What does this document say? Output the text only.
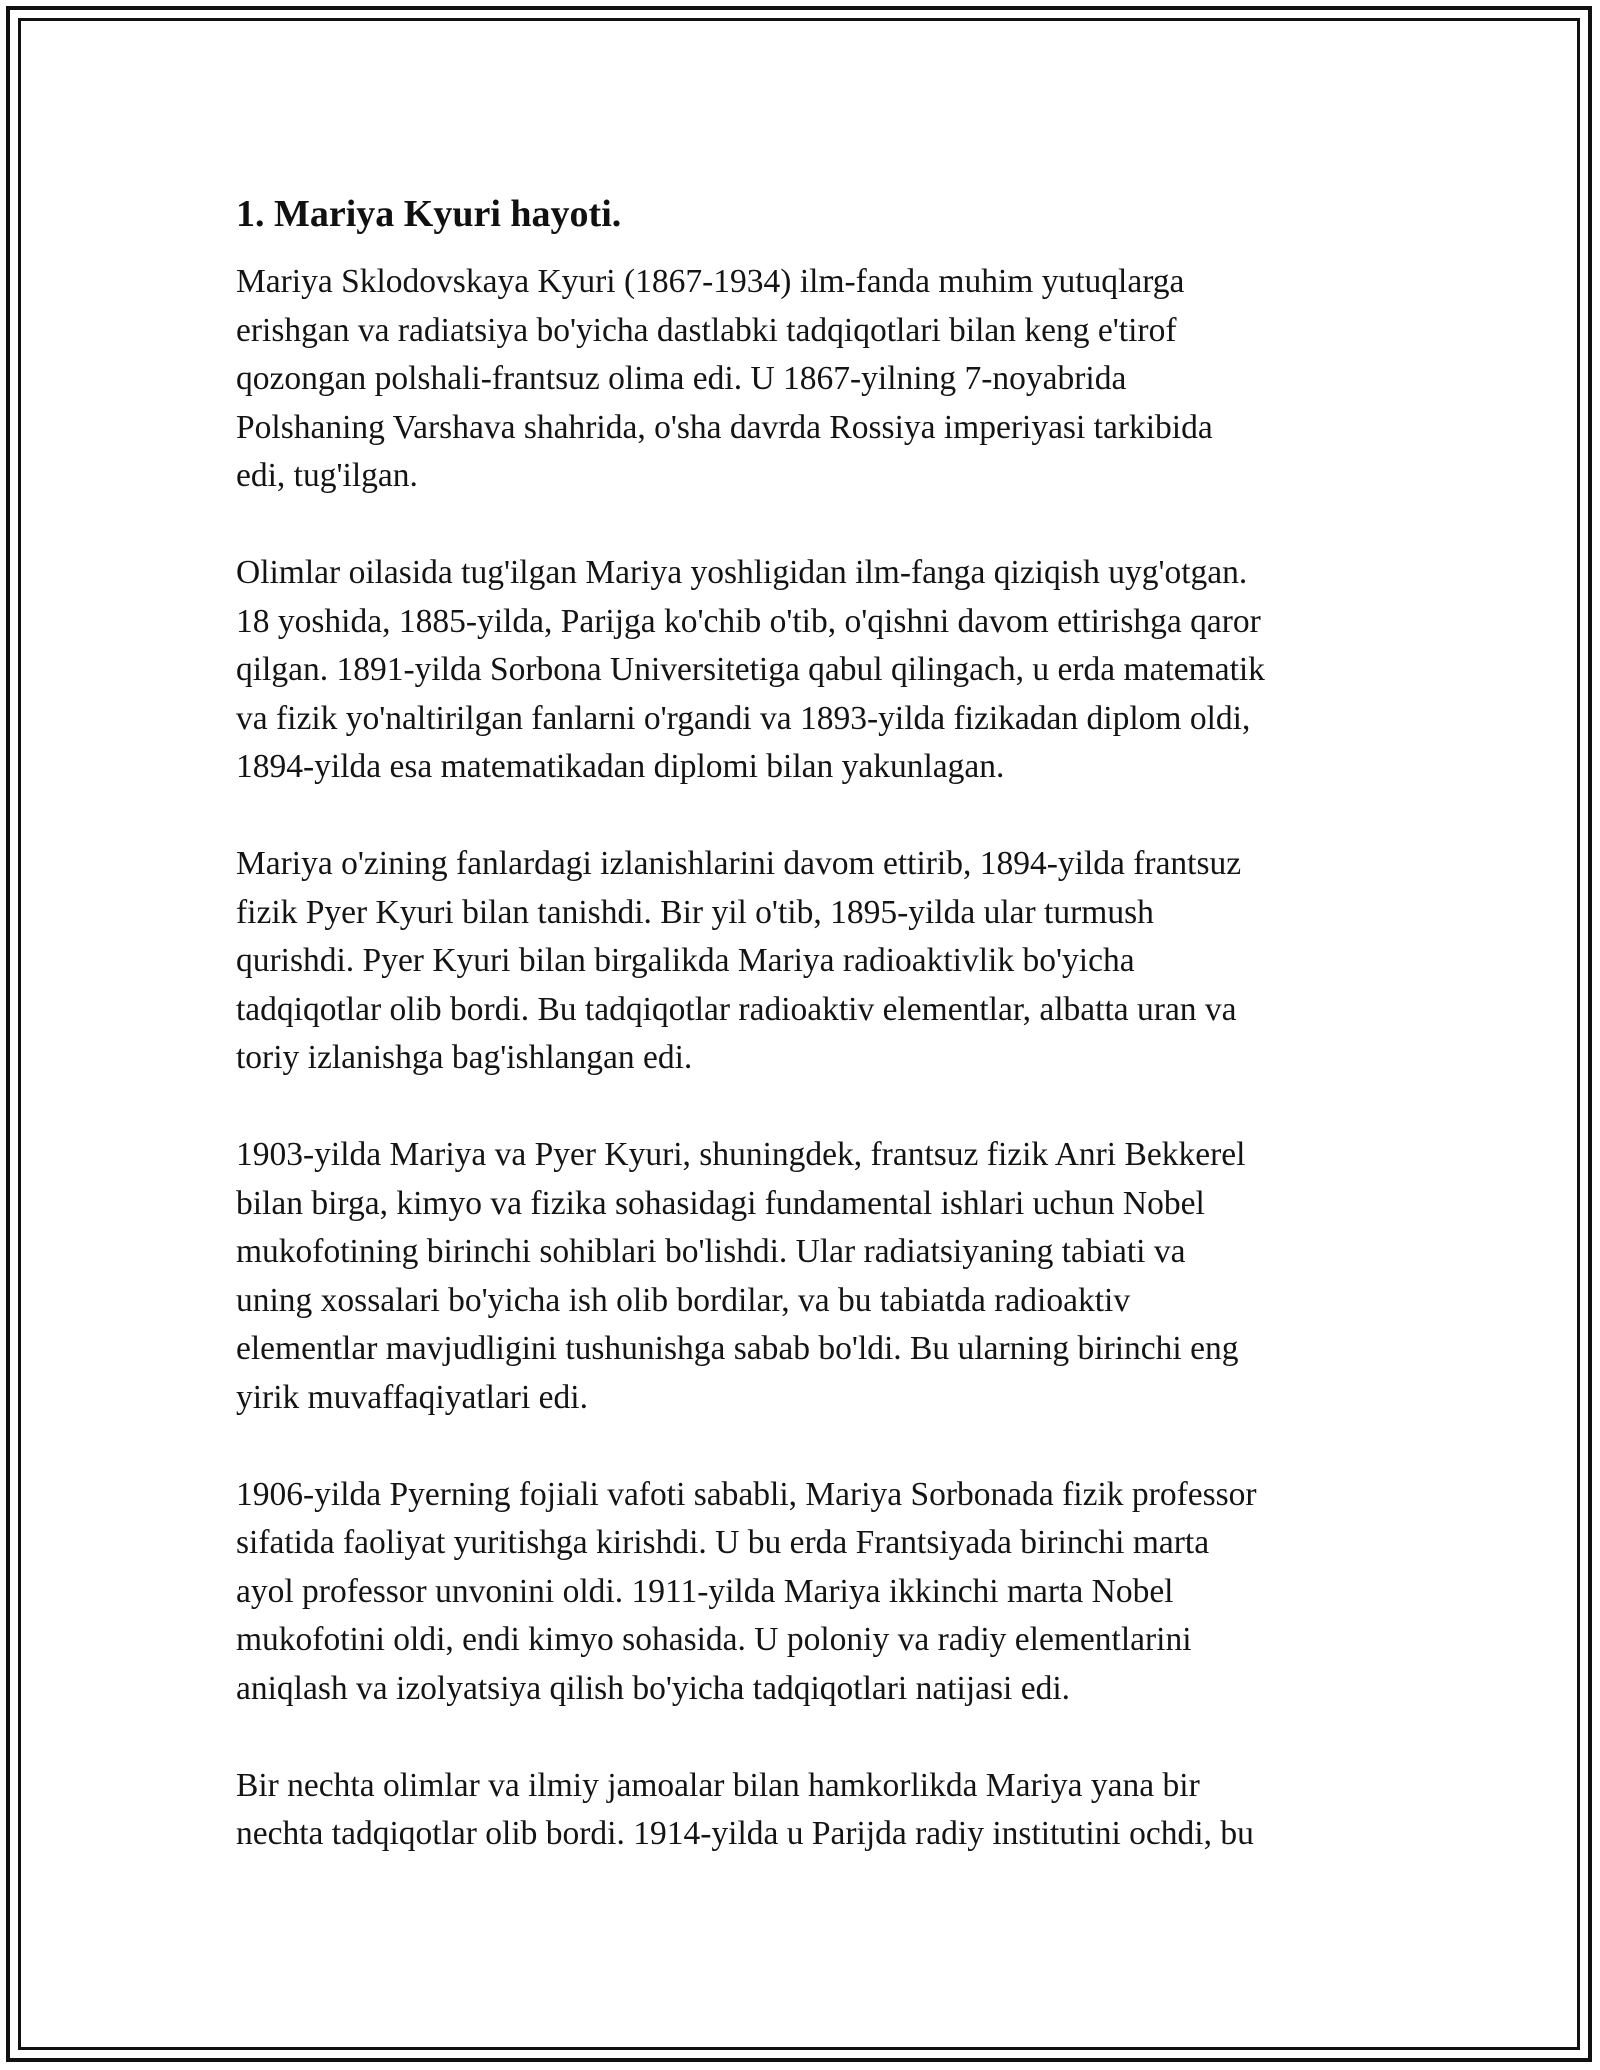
1. Mariya Kyuri hayoti.

Mariya Sklodovskaya Kyuri (1867-1934) ilm-fanda muhim yutuqlarga
erishgan va radiatsiya bo'yicha dastlabki tadqiqotlari bilan keng e'tirof
qozongan polshali-frantsuz olima edi. U 1867-yilning 7-noyabrida
Polshaning Varshava shahrida, o'sha davrda Rossiya imperiyasi tarkibida
edi, tug'ilgan.

Olimlar oilasida tug'ilgan Mariya yoshligidan ilm-fanga qiziqish uyg'otgan.
18 yoshida, 1885-yilda, Parijga ko'chib o'tib, o'qishni davom ettirishga qaror
qilgan. 1891-yilda Sorbona Universitetiga qabul qilingach, u erda matematik
va fizik yo'naltirilgan fanlarni o'rgandi va 1893-yilda fizikadan diplom oldi,
1894-yilda esa matematikadan diplomi bilan yakunlagan.

Mariya o'zining fanlardagi izlanishlarini davom ettirib, 1894-yilda frantsuz
fizik Pyer Kyuri bilan tanishdi. Bir yil o'tib, 1895-yilda ular turmush
qurishdi. Pyer Kyuri bilan birgalikda Mariya radioaktivlik bo'yicha
tadqiqotlar olib bordi. Bu tadqiqotlar radioaktiv elementlar, albatta uran va
toriy izlanishga bag'ishlangan edi.

1903-yilda Mariya va Pyer Kyuri, shuningdek, frantsuz fizik Anri Bekkerel
bilan birga, kimyo va fizika sohasidagi fundamental ishlari uchun Nobel
mukofotining birinchi sohiblari bo'lishdi. Ular radiatsiyaning tabiati va
uning xossalari bo'yicha ish olib bordilar, va bu tabiatda radioaktiv
elementlar mavjudligini tushunishga sabab bo'ldi. Bu ularning birinchi eng
yirik muvaffaqiyatlari edi.

1906-yilda Pyerning fojiali vafoti sababli, Mariya Sorbonada fizik professor
sifatida faoliyat yuritishga kirishdi. U bu erda Frantsiyada birinchi marta
ayol professor unvonini oldi. 1911-yilda Mariya ikkinchi marta Nobel
mukofotini oldi, endi kimyo sohasida. U poloniy va radiy elementlarini
aniqlash va izolyatsiya qilish bo'yicha tadqiqotlari natijasi edi.

Bir nechta olimlar va ilmiy jamoalar bilan hamkorlikda Mariya yana bir
nechta tadqiqotlar olib bordi. 1914-yilda u Parijda radiy institutini ochdi, bu
